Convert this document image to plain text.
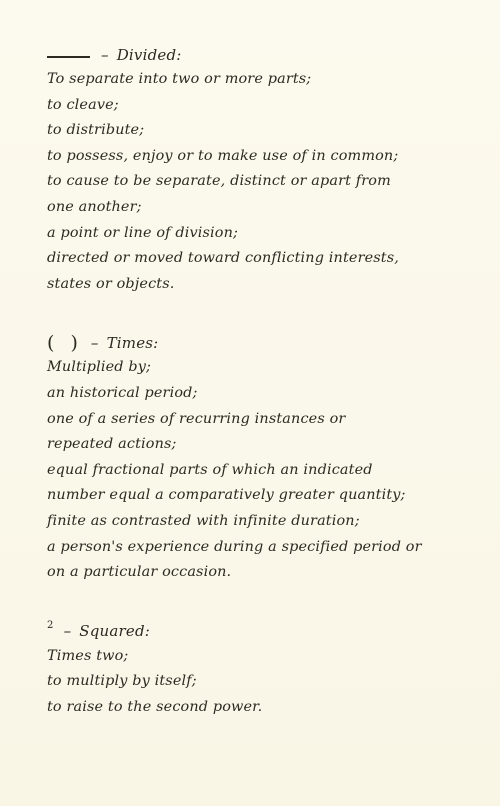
– Divided:
To separate into two or more parts;
to cleave;
to distribute;
to possess, enjoy or to make use of in common;
to cause to be separate, distinct or apart from
one another;
a point or line of division;
directed or moved toward conflicting interests,
states or objects.
( ) – Times:
Multiplied by;
an historical period;
one of a series of recurring instances or
repeated actions;
equal fractional parts of which an indicated
number equal a comparatively greater quantity;
finite as contrasted with infinite duration;
a person's experience during a specified period or
on a particular occasion.
2 – Squared:
Times two;
to multiply by itself;
to raise to the second power.
